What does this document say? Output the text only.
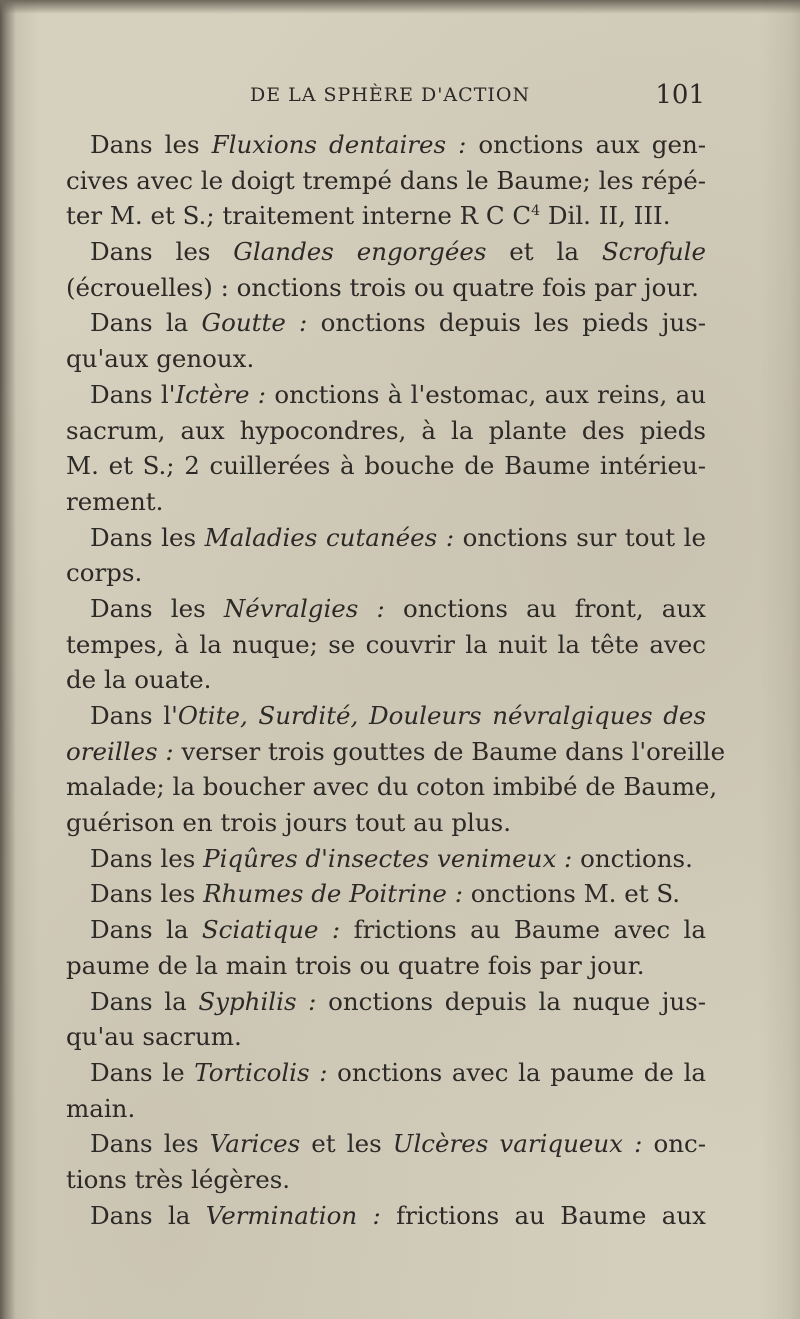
DE LA SPHÈRE D'ACTION	101
Dans les Fluxions dentaires : onctions aux gen-
cives avec le doigt trempé dans le Baume; les répé-
ter M. et S.; traitement interne R C $C^4$ Dil. II, III.
Dans les Glandes engorgées et la Scrofule
(écrouelles) : onctions trois ou quatre fois par jour.
Dans la Goutte : onctions depuis les pieds jus-
qu'aux genoux.
Dans l'Ictère : onctions à l'estomac, aux reins, au
sacrum, aux hypocondres, à la plante des pieds
M. et S.; 2 cuillerées à bouche de Baume intérieu-
rement.
Dans les Maladies cutanées : onctions sur tout le
corps.
Dans les Névralgies : onctions au front, aux
tempes, à la nuque; se couvrir la nuit la tête avec
de la ouate.
Dans l'Otite, Surdité, Douleurs névralgiques des
oreilles : verser trois gouttes de Baume dans l'oreille
malade; la boucher avec du coton imbibé de Baume,
guérison en trois jours tout au plus.
Dans les Piqûres d'insectes venimeux : onctions.
Dans les Rhumes de Poitrine : onctions M. et S.
Dans la Sciatique : frictions au Baume avec la
paume de la main trois ou quatre fois par jour.
Dans la Syphilis : onctions depuis la nuque jus-
qu'au sacrum.
Dans le Torticolis : onctions avec la paume de la
main.
Dans les Varices et les Ulcères variqueux : onc-
tions très légères.
Dans la Vermination : frictions au Baume aux
